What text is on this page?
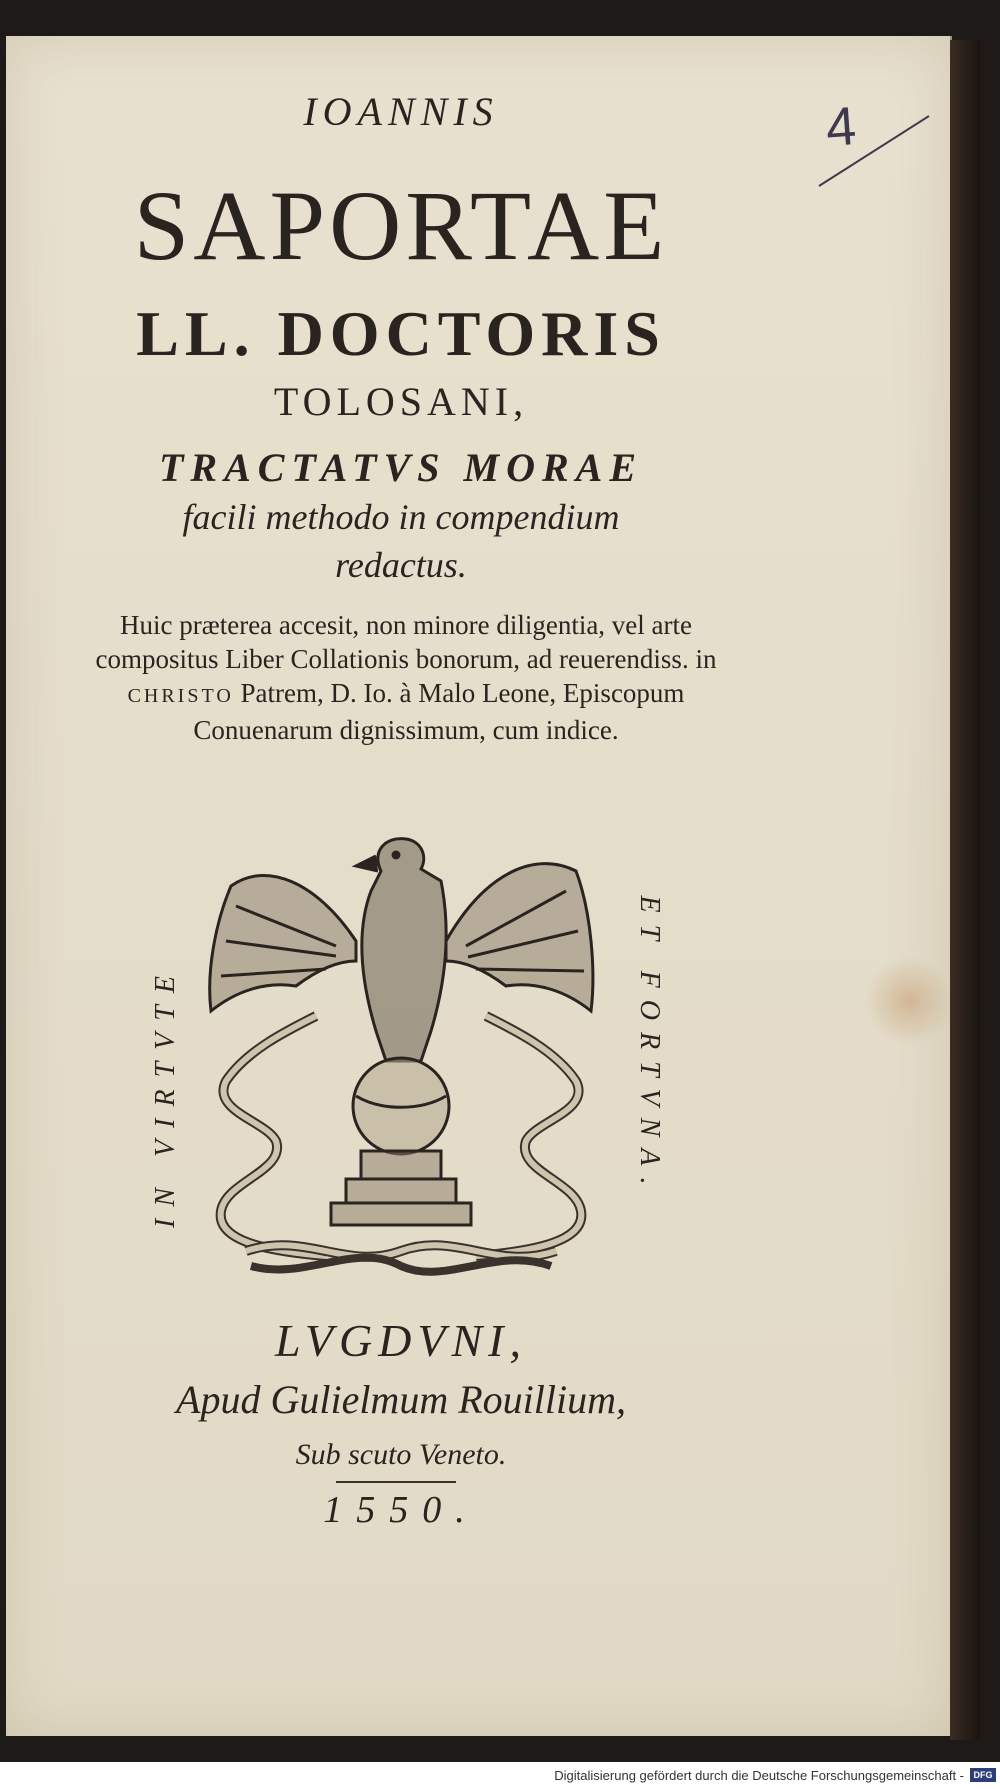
IOANNIS
SAPORTAE
LL. DOCTORIS
TOLOSANI,
TRACTATVS MORAE
facili methodo in compendium
redactus.
Huic præterea accesit, non minore diligentia, vel arte compositus Liber Collationis bonorum, ad reuerendiss. in CHRISTO Patrem, D. Io. à Malo Leone, Episcopum Conuenarum dignissimum, cum indice.
IN VIRTVTE	ET FORTVNA.
LVGDVNI,
Apud Gulielmum Rouillium,
Sub scuto Veneto.
1550.
4
Digitalisierung gefördert durch die Deutsche Forschungsgemeinschaft -	DFG
